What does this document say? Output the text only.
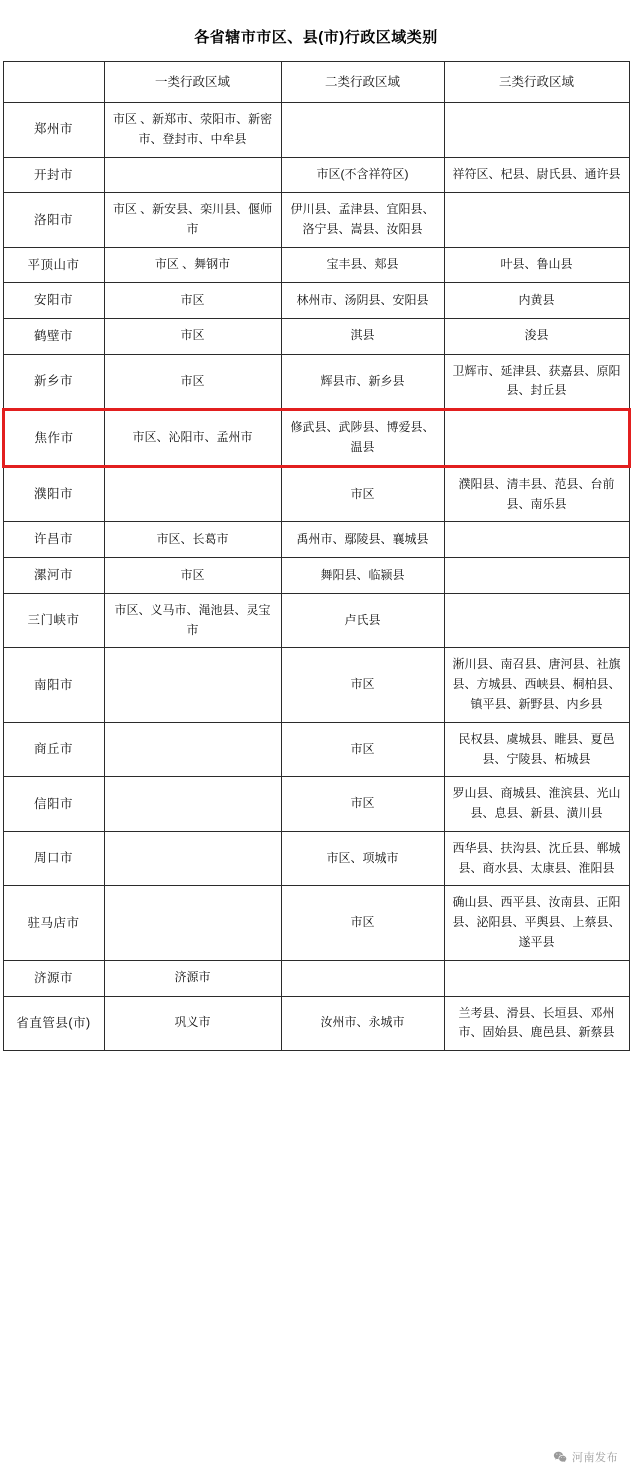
各省辖市市区、县(市)行政区域类别
	一类行政区域	二类行政区域	三类行政区域
郑州市	市区 、新郑市、荥阳市、新密市、登封市、中牟县		
开封市		市区(不含祥符区)	祥符区、杞县、尉氏县、通许县
洛阳市	市区 、新安县、栾川县、偃师市	伊川县、孟津县、宜阳县、洛宁县、嵩县、汝阳县	
平顶山市	市区 、舞钢市	宝丰县、郏县	叶县、鲁山县
安阳市	市区	林州市、汤阴县、安阳县	内黄县
鹤壁市	市区	淇县	浚县
新乡市	市区	辉县市、新乡县	卫辉市、延津县、获嘉县、原阳县、封丘县
焦作市	市区、沁阳市、孟州市	修武县、武陟县、博爱县、温县	
濮阳市		市区	濮阳县、清丰县、范县、台前县、南乐县
许昌市	市区、长葛市	禹州市、鄢陵县、襄城县	
漯河市	市区	舞阳县、临颍县	
三门峡市	市区、义马市、渑池县、灵宝市	卢氏县	
南阳市		市区	淅川县、南召县、唐河县、社旗县、方城县、西峡县、桐柏县、镇平县、新野县、内乡县
商丘市		市区	民权县、虞城县、睢县、夏邑县、宁陵县、柘城县
信阳市		市区	罗山县、商城县、淮滨县、光山县、息县、新县、潢川县
周口市		市区、项城市	西华县、扶沟县、沈丘县、郸城县、商水县、太康县、淮阳县
驻马店市		市区	确山县、西平县、汝南县、正阳县、泌阳县、平舆县、上蔡县、遂平县
济源市	济源市		
省直管县(市)	巩义市	汝州市、永城市	兰考县、滑县、长垣县、邓州市、固始县、鹿邑县、新蔡县
河南发布
